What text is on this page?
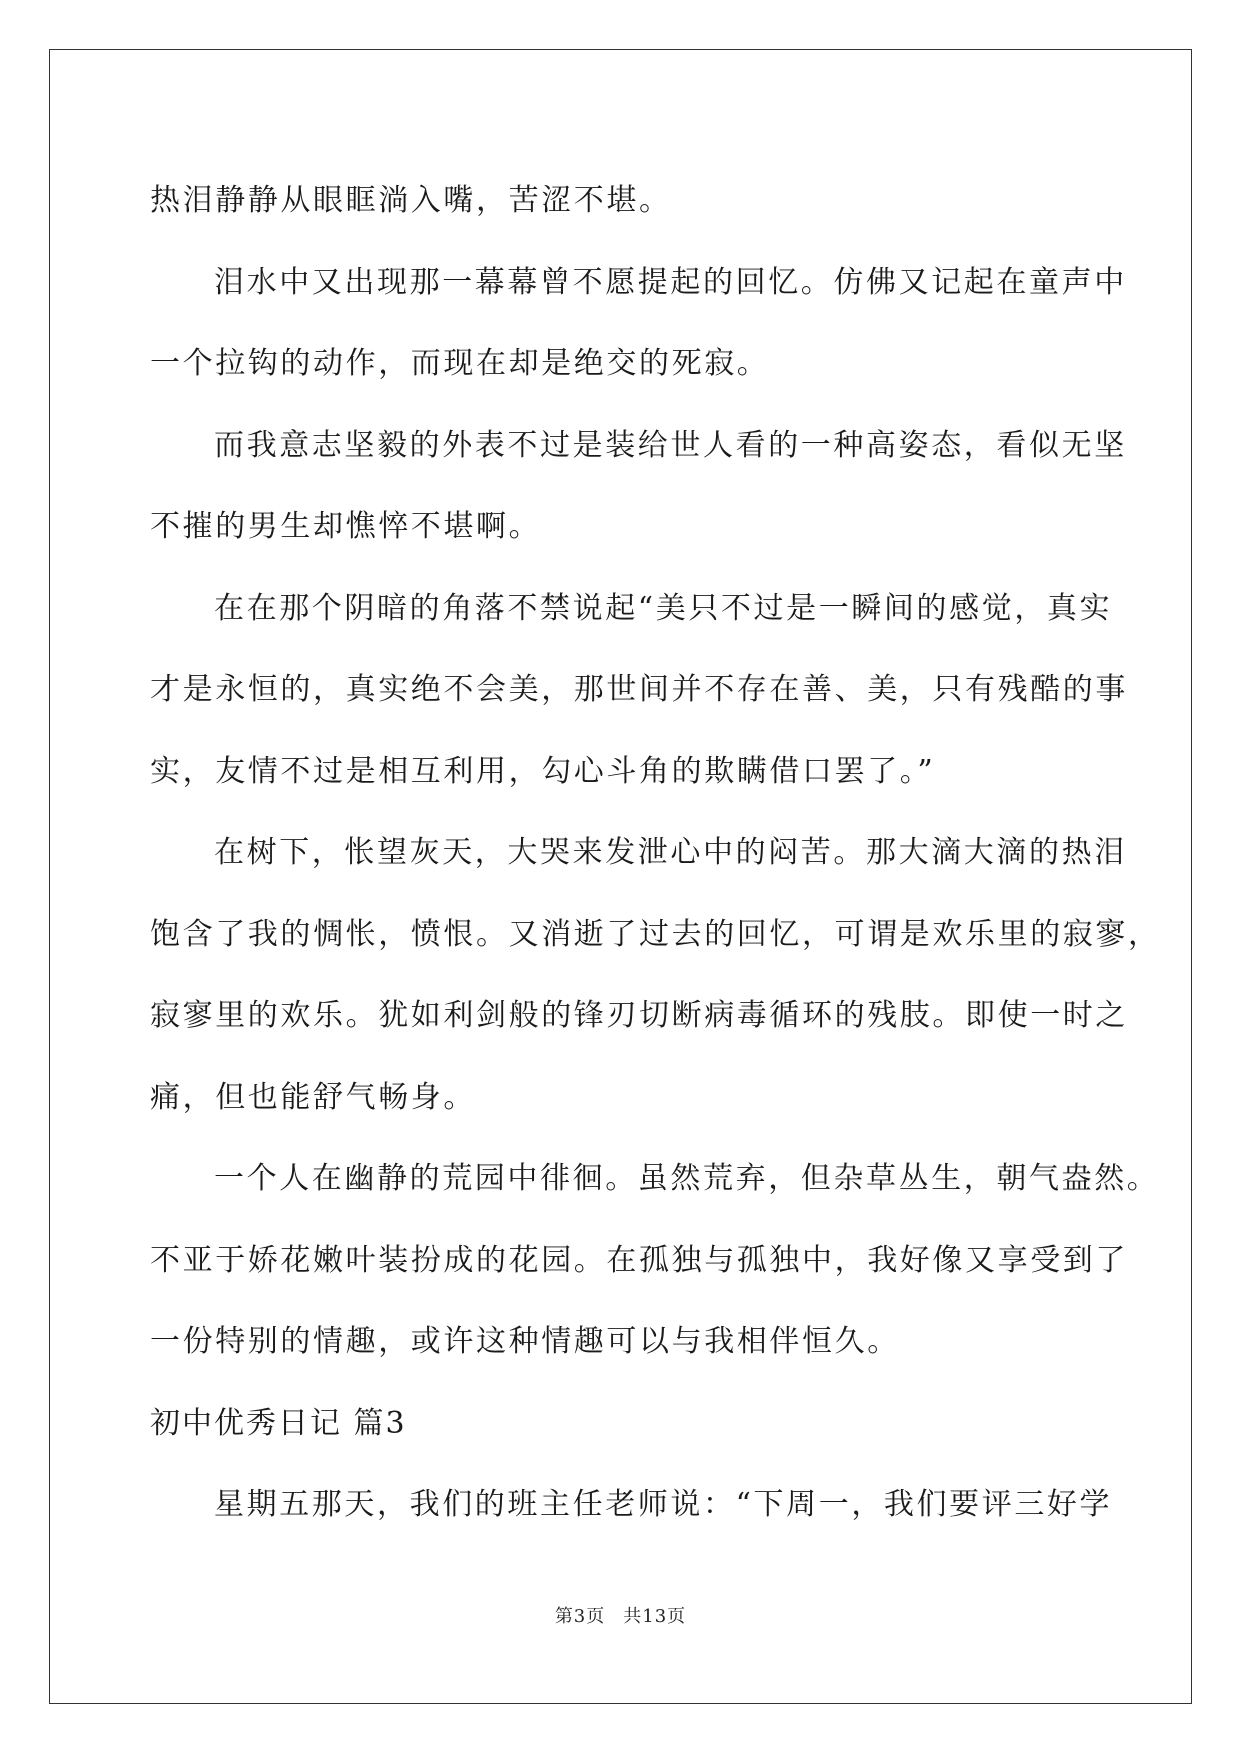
热泪静静从眼眶淌入嘴，苦涩不堪。
泪水中又出现那一幕幕曾不愿提起的回忆。仿佛又记起在童声中
一个拉钩的动作，而现在却是绝交的死寂。
而我意志坚毅的外表不过是装给世人看的一种高姿态，看似无坚
不摧的男生却憔悴不堪啊。
在在那个阴暗的角落不禁说起“美只不过是一瞬间的感觉，真实
才是永恒的，真实绝不会美，那世间并不存在善、美，只有残酷的事
实，友情不过是相互利用，勾心斗角的欺瞒借口罢了。”
在树下，怅望灰天，大哭来发泄心中的闷苦。那大滴大滴的热泪
饱含了我的惆怅，愤恨。又消逝了过去的回忆，可谓是欢乐里的寂寥，
寂寥里的欢乐。犹如利剑般的锋刃切断病毒循环的残肢。即使一时之
痛，但也能舒气畅身。
一个人在幽静的荒园中徘徊。虽然荒弃，但杂草丛生，朝气盎然。
不亚于娇花嫩叶装扮成的花园。在孤独与孤独中，我好像又享受到了
一份特别的情趣，或许这种情趣可以与我相伴恒久。
初中优秀日记 篇3
星期五那天，我们的班主任老师说：“下周一，我们要评三好学
第3页 共13页
